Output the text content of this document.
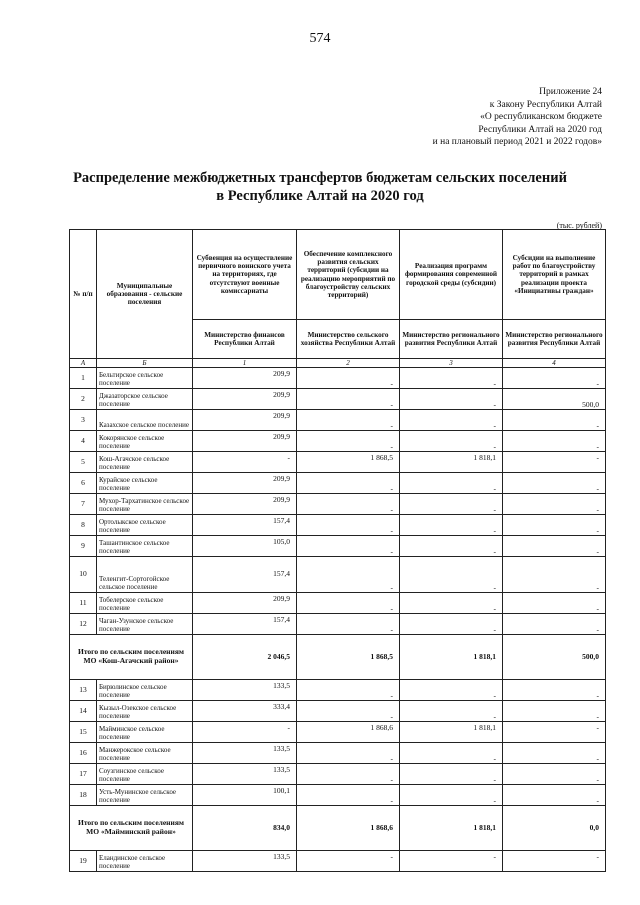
574
Приложение 24
к Закону Республики Алтай
«О республиканском бюджете
Республики Алтай на 2020 год
и на плановый период 2021 и 2022 годов»
Распределение межбюджетных трансфертов бюджетам сельских поселений
в Республике Алтай на 2020 год
(тыс. рублей)
№ п/п	Муниципальные образования - сельские поселения	Субвенция на осуществление первичного воинского учета на территориях, где отсутствуют военные комиссариаты	Обеспечение комплексного развития сельских территорий (субсидии на реализацию мероприятий по благоустройству сельских территорий)	Реализация программ формирования современной городской среды (субсидии)	Субсидии на выполнение работ по благоустройству территорий в рамках реализации проекта «Инициативы граждан»
		Министерство финансов Республики Алтай	Министерство сельского хозяйства Республики Алтай	Министерство регионального развития Республики Алтай	Министерство регионального развития Республики Алтай
А	Б	1	2	3	4
1	Бельтирское сельское поселение	209,9	-	-	-
2	Джазаторское сельское поселение	209,9	-	-	500,0
3	Казахское сельское поселение	209,9	-	-	-
4	Кокорянское сельское поселение	209,9	-	-	-
5	Кош-Агачское сельское поселение	-	1 868,5	1 818,1	-
6	Курайское сельское поселение	209,9	-	-	-
7	Мухор-Тархатинское сельское поселение	209,9	-	-	-
8	Ортолыкское сельское поселение	157,4	-	-	-
9	Ташантинское сельское поселение	105,0	-	-	-
10	Теленгит-Сортогойское сельское поселение	157,4	-	-	-
11	Тобелерское сельское поселение	209,9	-	-	-
12	Чаган-Узунское сельское поселение	157,4	-	-	-
Итого по сельским поселениям МО «Кош-Агачский район»		2 046,5	1 868,5	1 818,1	500,0
13	Бирюлинское сельское поселение	133,5	-	-	-
14	Кызыл-Озекское сельское поселение	333,4	-	-	-
15	Майминское сельское поселение	-	1 868,6	1 818,1	-
16	Манжерокское сельское поселение	133,5	-	-	-
17	Соузгинское сельское поселение	133,5	-	-	-
18	Усть-Мунинское сельское поселение	100,1	-	-	-
Итого по сельским поселениям МО «Майминский район»		834,0	1 868,6	1 818,1	0,0
19	Еландинское сельское поселение	133,5	-	-	-
